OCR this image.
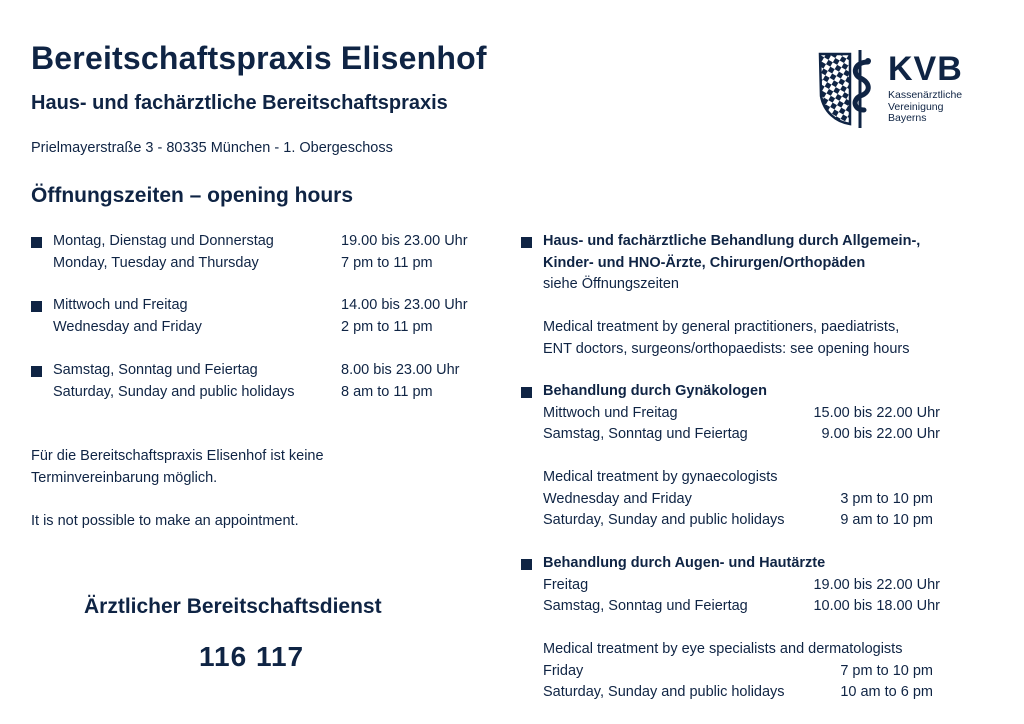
Bereitschaftspraxis Elisenhof
Haus- und fachärztliche Bereitschaftspraxis
Prielmayerstraße 3 - 80335 München - 1. Obergeschoss
KVB
Kassenärztliche
Vereinigung
Bayerns
Öffnungszeiten – opening hours
Montag, Dienstag und Donnerstag	19.00 bis 23.00 Uhr
Monday, Tuesday and Thursday	7 pm to 11 pm
Mittwoch und Freitag	14.00 bis 23.00 Uhr
Wednesday and Friday	2 pm to 11 pm
Samstag, Sonntag und Feiertag	8.00 bis 23.00 Uhr
Saturday, Sunday and public holidays	8 am to 11 pm
Für die Bereitschaftspraxis Elisenhof ist keine
Terminvereinbarung möglich.
It is not possible to make an appointment.
Ärztlicher Bereitschaftsdienst
116 117
Haus- und fachärztliche Behandlung durch Allgemein-,
Kinder- und HNO-Ärzte, Chirurgen/Orthopäden
siehe Öffnungszeiten
Medical treatment by general practitioners, paediatrists,
ENT doctors, surgeons/orthopaedists: see opening hours
Behandlung durch Gynäkologen
Mittwoch und Freitag	15.00 bis 22.00 Uhr
Samstag, Sonntag und Feiertag	9.00 bis 22.00 Uhr
Medical treatment by gynaecologists
Wednesday and Friday	3 pm to 10 pm
Saturday, Sunday and public holidays	9 am to 10 pm
Behandlung durch Augen- und Hautärzte
Freitag	19.00 bis 22.00 Uhr
Samstag, Sonntag und Feiertag	10.00 bis 18.00 Uhr
Medical treatment by eye specialists and dermatologists
Friday	7 pm to 10 pm
Saturday, Sunday and public holidays	10 am to 6 pm
